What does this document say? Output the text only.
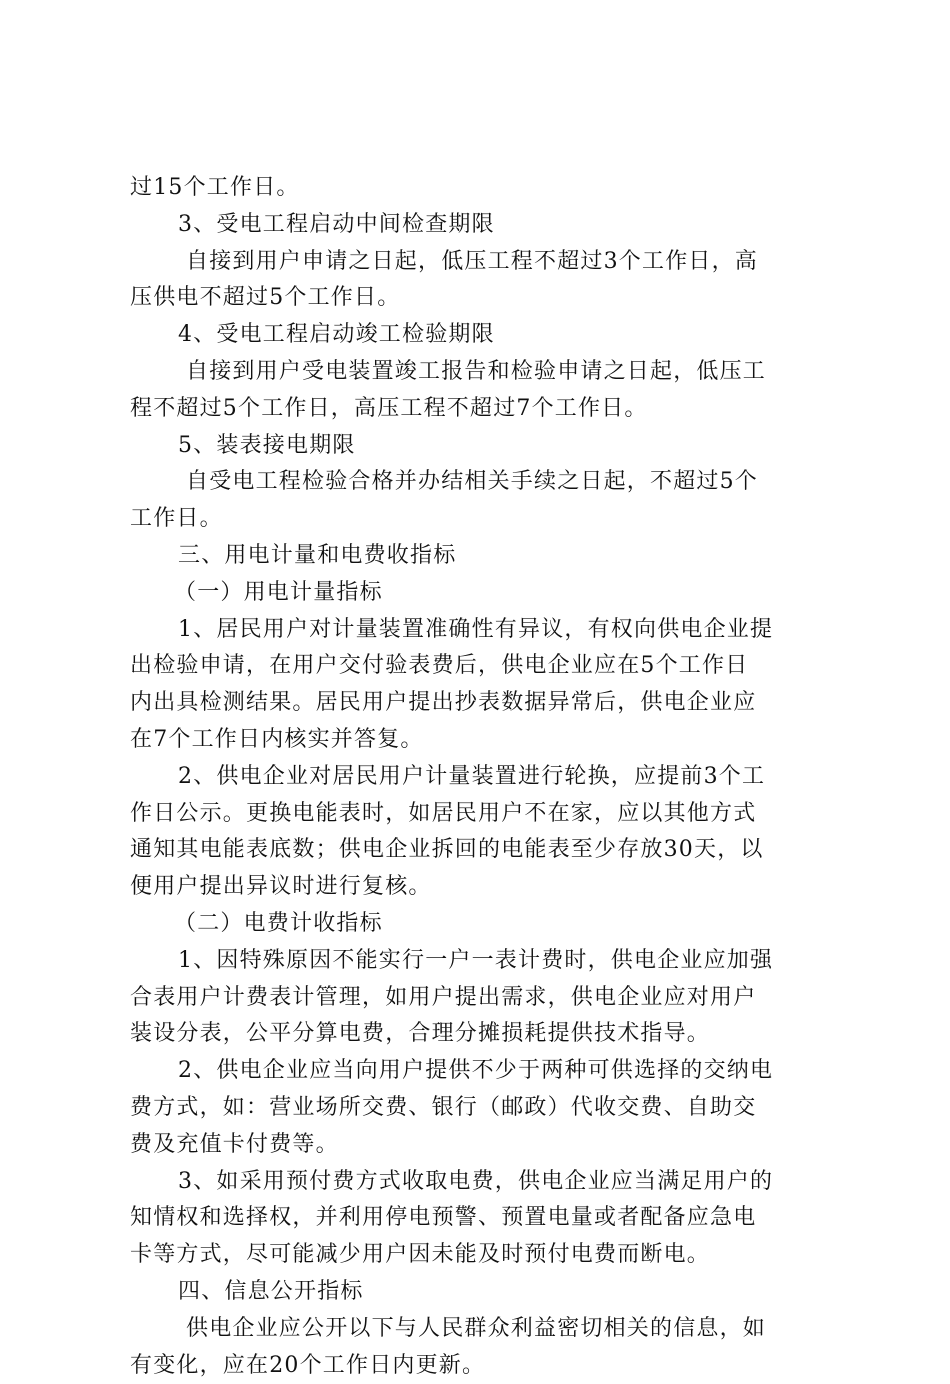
过15个工作日。
3、受电工程启动中间检查期限
自接到用户申请之日起，低压工程不超过3个工作日，高
压供电不超过5个工作日。
4、受电工程启动竣工检验期限
自接到用户受电装置竣工报告和检验申请之日起，低压工
程不超过5个工作日，高压工程不超过7个工作日。
5、装表接电期限
自受电工程检验合格并办结相关手续之日起，不超过5个
工作日。
三、用电计量和电费收指标
（一）用电计量指标
1、居民用户对计量装置准确性有异议，有权向供电企业提
出检验申请，在用户交付验表费后，供电企业应在5个工作日
内出具检测结果。居民用户提出抄表数据异常后，供电企业应
在7个工作日内核实并答复。
2、供电企业对居民用户计量装置进行轮换，应提前3个工
作日公示。更换电能表时，如居民用户不在家，应以其他方式
通知其电能表底数；供电企业拆回的电能表至少存放30天，以
便用户提出异议时进行复核。
（二）电费计收指标
1、因特殊原因不能实行一户一表计费时，供电企业应加强
合表用户计费表计管理，如用户提出需求，供电企业应对用户
装设分表，公平分算电费，合理分摊损耗提供技术指导。
2、供电企业应当向用户提供不少于两种可供选择的交纳电
费方式，如：营业场所交费、银行（邮政）代收交费、自助交
费及充值卡付费等。
3、如采用预付费方式收取电费，供电企业应当满足用户的
知情权和选择权，并利用停电预警、预置电量或者配备应急电
卡等方式，尽可能减少用户因未能及时预付电费而断电。
四、信息公开指标
供电企业应公开以下与人民群众利益密切相关的信息，如
有变化，应在20个工作日内更新。
